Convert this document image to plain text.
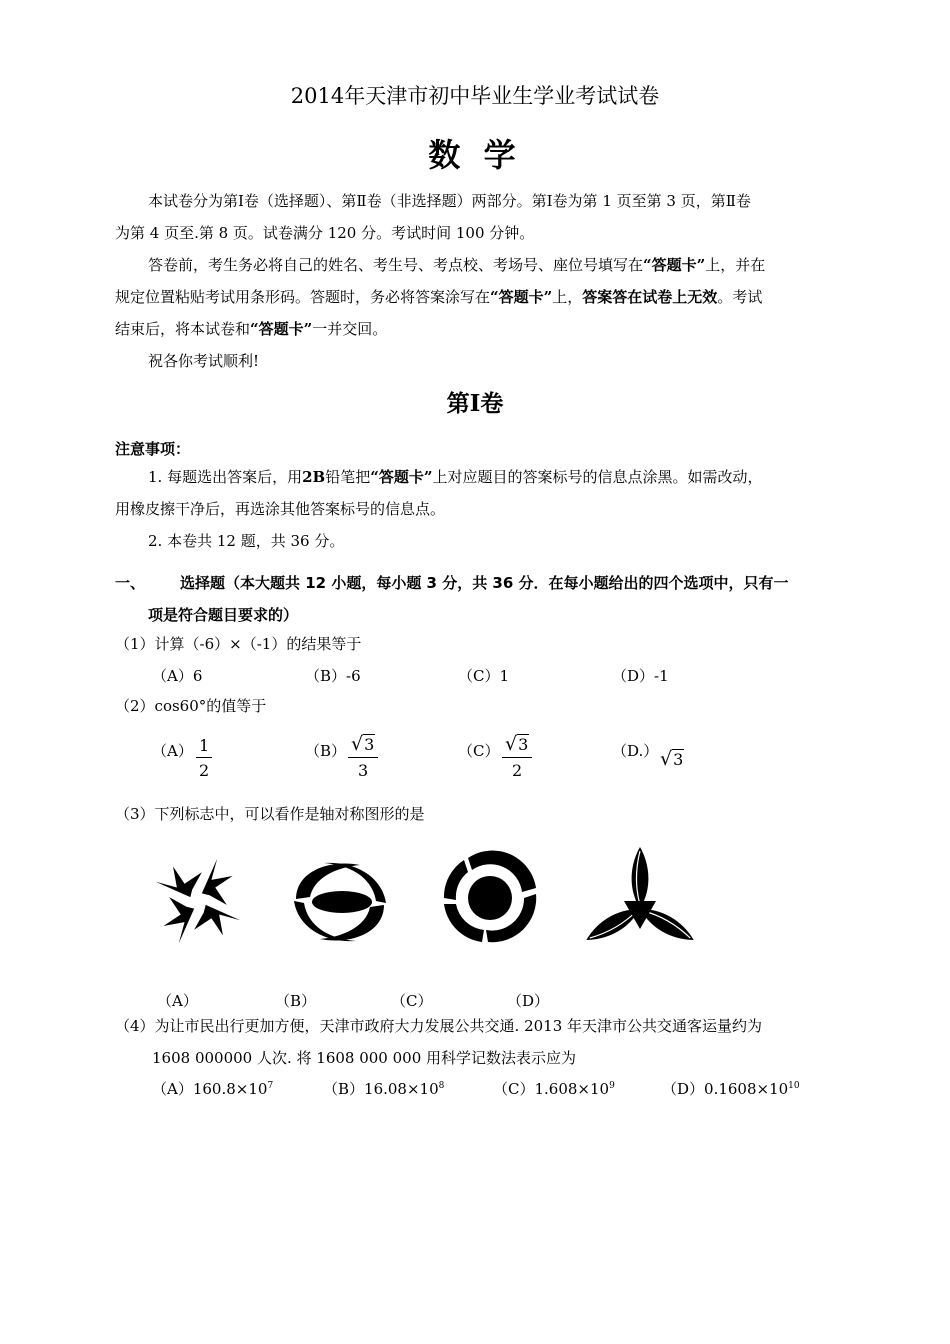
2014年天津市初中毕业生学业考试试卷
数 学
本试卷分为第Ⅰ卷（选择题）、第Ⅱ卷（非选择题）两部分。第Ⅰ卷为第 1 页至第 3 页，第Ⅱ卷
为第 4 页至.第 8 页。试卷满分 120 分。考试时间 100 分钟。
答卷前，考生务必将自己的姓名、考生号、考点校、考场号、座位号填写在“答题卡”上，并在
规定位置粘贴考试用条形码。答题时，务必将答案涂写在“答题卡”上，答案答在试卷上无效。考试
结束后，将本试卷和“答题卡”一并交回。
祝各你考试顺利!
第Ⅰ卷
注意事项：
1. 每题选出答案后，用2B铅笔把“答题卡”上对应题目的答案标号的信息点涂黑。如需改动，
用橡皮擦干净后，再选涂其他答案标号的信息点。
2. 本卷共 12 题，共 36 分。
一、 选择题（本大题共 12 小题，每小题 3 分，共 36 分．在每小题给出的四个选项中，只有一
项是符合题目要求的）
（1）计算（-6）×（-1）的结果等于
（A）6	（B）-6	（C）1	（D）-1
（2）cos60°的值等于
$(A) \frac{1}{2}$	$(B) \frac{√3}{3}$	$(C) \frac{√3}{2}$	（D.） √3
（3）下列标志中，可以看作是轴对称图形的是
（A）	（B）	（C）	（D）
（4）为让市民出行更加方便，天津市政府大力发展公共交通. 2013 年天津市公共交通客运量约为
1608 000000 人次. 将 1608 000 000 用科学记数法表示应为
$(A)160.8\times 10^7$	$(B)16.08\times 10^8$	$(C)1.608\times 10^9$	$(D)0.1608\times 10^{10}$
